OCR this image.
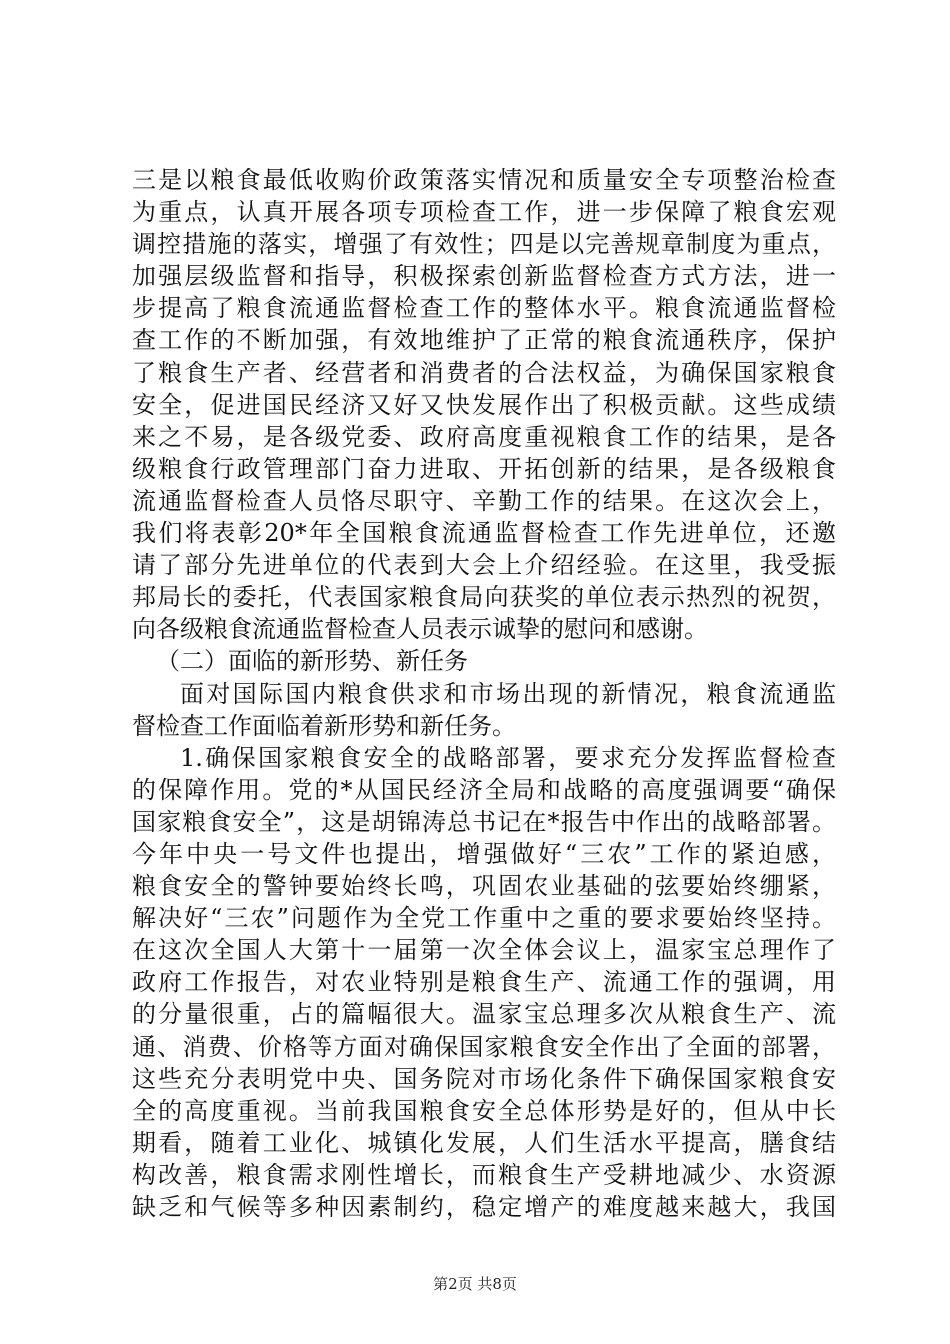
三是以粮食最低收购价政策落实情况和质量安全专项整治检查
为重点，认真开展各项专项检查工作，进一步保障了粮食宏观
调控措施的落实，增强了有效性；四是以完善规章制度为重点，
加强层级监督和指导，积极探索创新监督检查方式方法，进一
步提高了粮食流通监督检查工作的整体水平。粮食流通监督检
查工作的不断加强，有效地维护了正常的粮食流通秩序，保护
了粮食生产者、经营者和消费者的合法权益，为确保国家粮食
安全，促进国民经济又好又快发展作出了积极贡献。这些成绩
来之不易，是各级党委、政府高度重视粮食工作的结果，是各
级粮食行政管理部门奋力进取、开拓创新的结果，是各级粮食
流通监督检查人员恪尽职守、辛勤工作的结果。在这次会上，
我们将表彰20*年全国粮食流通监督检查工作先进单位，还邀
请了部分先进单位的代表到大会上介绍经验。在这里，我受振
邦局长的委托，代表国家粮食局向获奖的单位表示热烈的祝贺，
向各级粮食流通监督检查人员表示诚挚的慰问和感谢。
（二）面临的新形势、新任务
面对国际国内粮食供求和市场出现的新情况，粮食流通监
督检查工作面临着新形势和新任务。
1.确保国家粮食安全的战略部署，要求充分发挥监督检查
的保障作用。党的*从国民经济全局和战略的高度强调要“确保
国家粮食安全”，这是胡锦涛总书记在*报告中作出的战略部署。
今年中央一号文件也提出，增强做好“三农”工作的紧迫感，
粮食安全的警钟要始终长鸣，巩固农业基础的弦要始终绷紧，
解决好“三农”问题作为全党工作重中之重的要求要始终坚持。
在这次全国人大第十一届第一次全体会议上，温家宝总理作了
政府工作报告，对农业特别是粮食生产、流通工作的强调，用
的分量很重，占的篇幅很大。温家宝总理多次从粮食生产、流
通、消费、价格等方面对确保国家粮食安全作出了全面的部署，
这些充分表明党中央、国务院对市场化条件下确保国家粮食安
全的高度重视。当前我国粮食安全总体形势是好的，但从中长
期看，随着工业化、城镇化发展，人们生活水平提高，膳食结
构改善，粮食需求刚性增长，而粮食生产受耕地减少、水资源
缺乏和气候等多种因素制约，稳定增产的难度越来越大，我国
第2页 共8页
